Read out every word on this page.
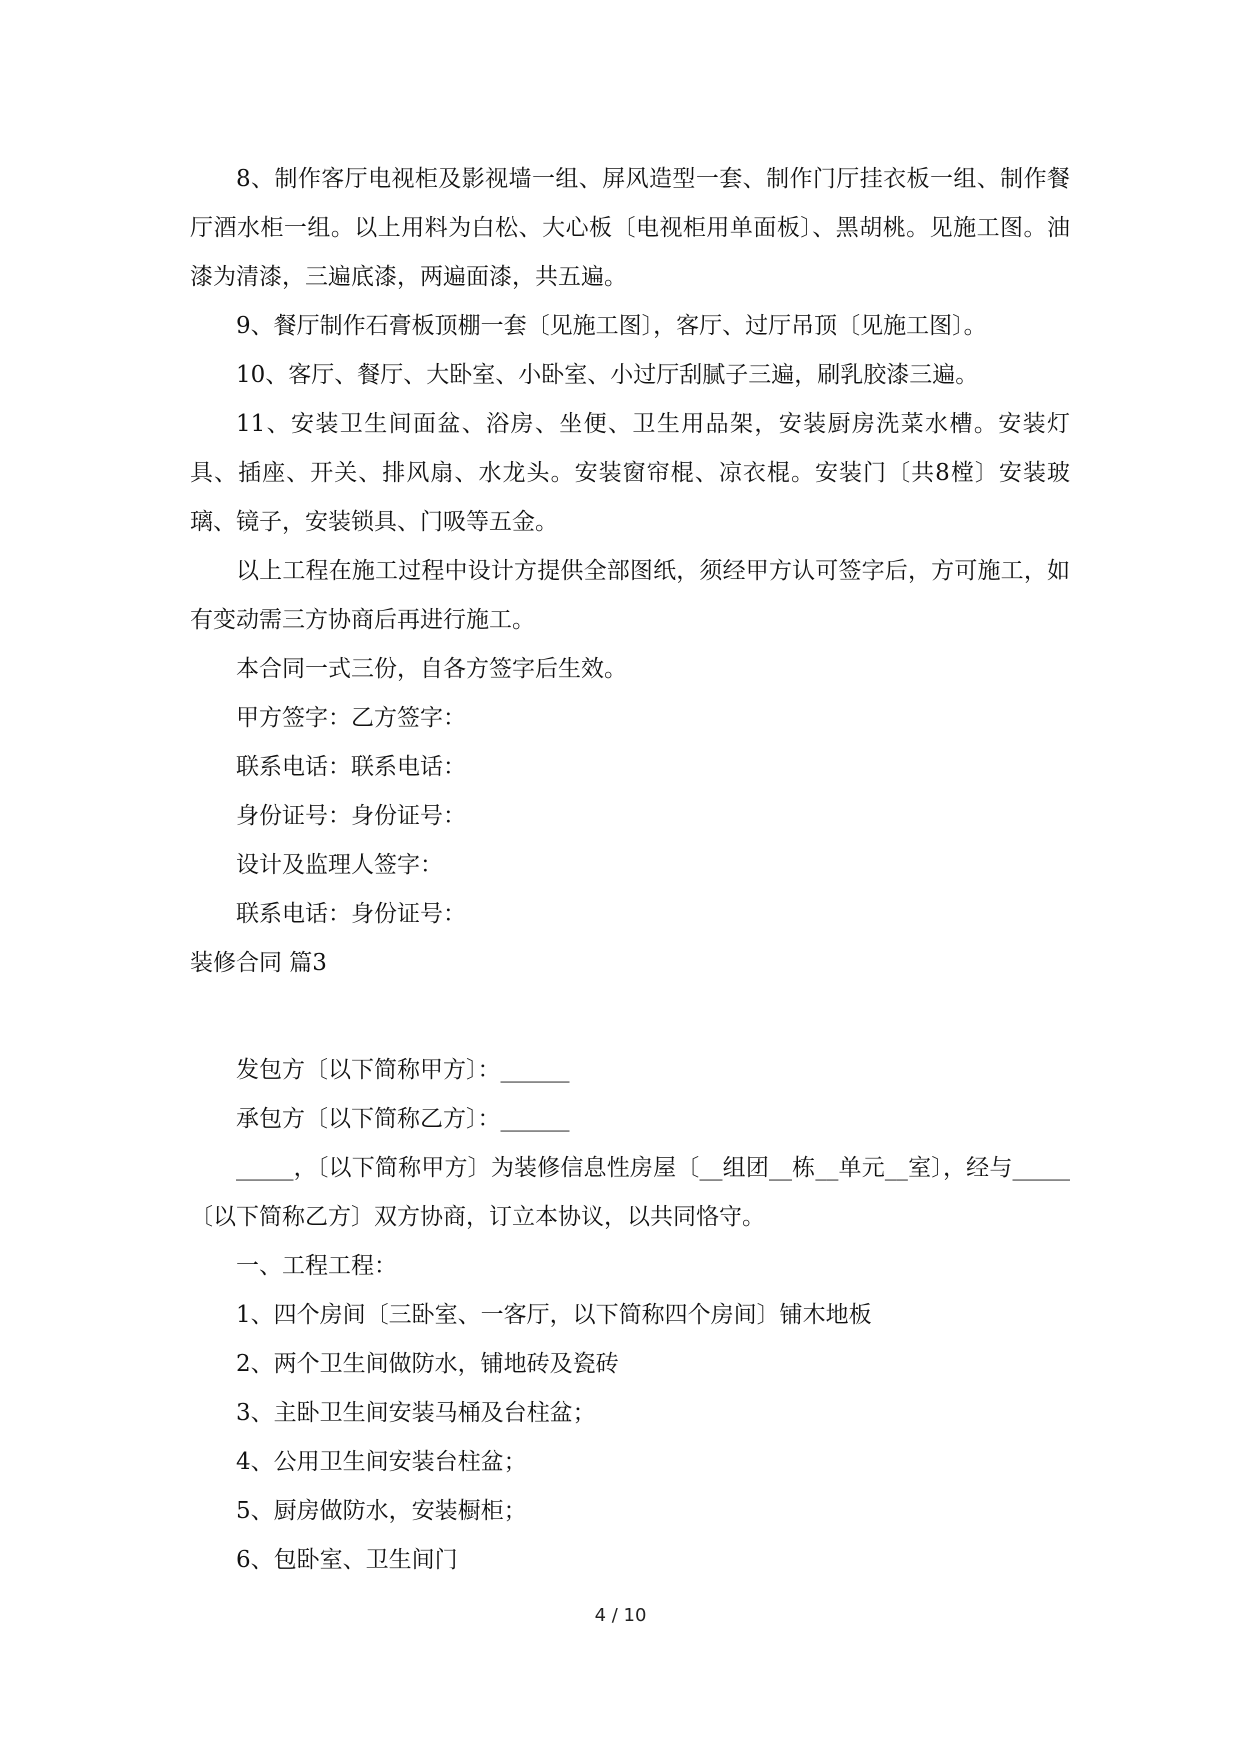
8、制作客厅电视柜及影视墙一组、屏风造型一套、制作门厅挂衣板一组、制作餐厅酒水柜一组。以上用料为白松、大心板〔电视柜用单面板〕、黑胡桃。见施工图。油漆为清漆，三遍底漆，两遍面漆，共五遍。

9、餐厅制作石膏板顶棚一套〔见施工图〕，客厅、过厅吊顶〔见施工图〕。

10、客厅、餐厅、大卧室、小卧室、小过厅刮腻子三遍，刷乳胶漆三遍。

11、安装卫生间面盆、浴房、坐便、卫生用品架，安装厨房洗菜水槽。安装灯具、插座、开关、排风扇、水龙头。安装窗帘棍、凉衣棍。安装门〔共8樘〕安装玻璃、镜子，安装锁具、门吸等五金。

以上工程在施工过程中设计方提供全部图纸，须经甲方认可签字后，方可施工，如有变动需三方协商后再进行施工。

本合同一式三份，自各方签字后生效。

甲方签字：乙方签字：

联系电话：联系电话：

身份证号：身份证号：

设计及监理人签字：

联系电话：身份证号：

装修合同 篇3

发包方〔以下简称甲方〕：______

承包方〔以下简称乙方〕：______

_____，〔以下简称甲方〕为装修信息性房屋〔__组团__栋__单元__室〕，经与_____〔以下简称乙方〕双方协商，订立本协议，以共同恪守。

一、工程工程：

1、四个房间〔三卧室、一客厅，以下简称四个房间〕铺木地板

2、两个卫生间做防水，铺地砖及瓷砖

3、主卧卫生间安装马桶及台柱盆；

4、公用卫生间安装台柱盆；

5、厨房做防水，安装橱柜；

6、包卧室、卫生间门

4 / 10
